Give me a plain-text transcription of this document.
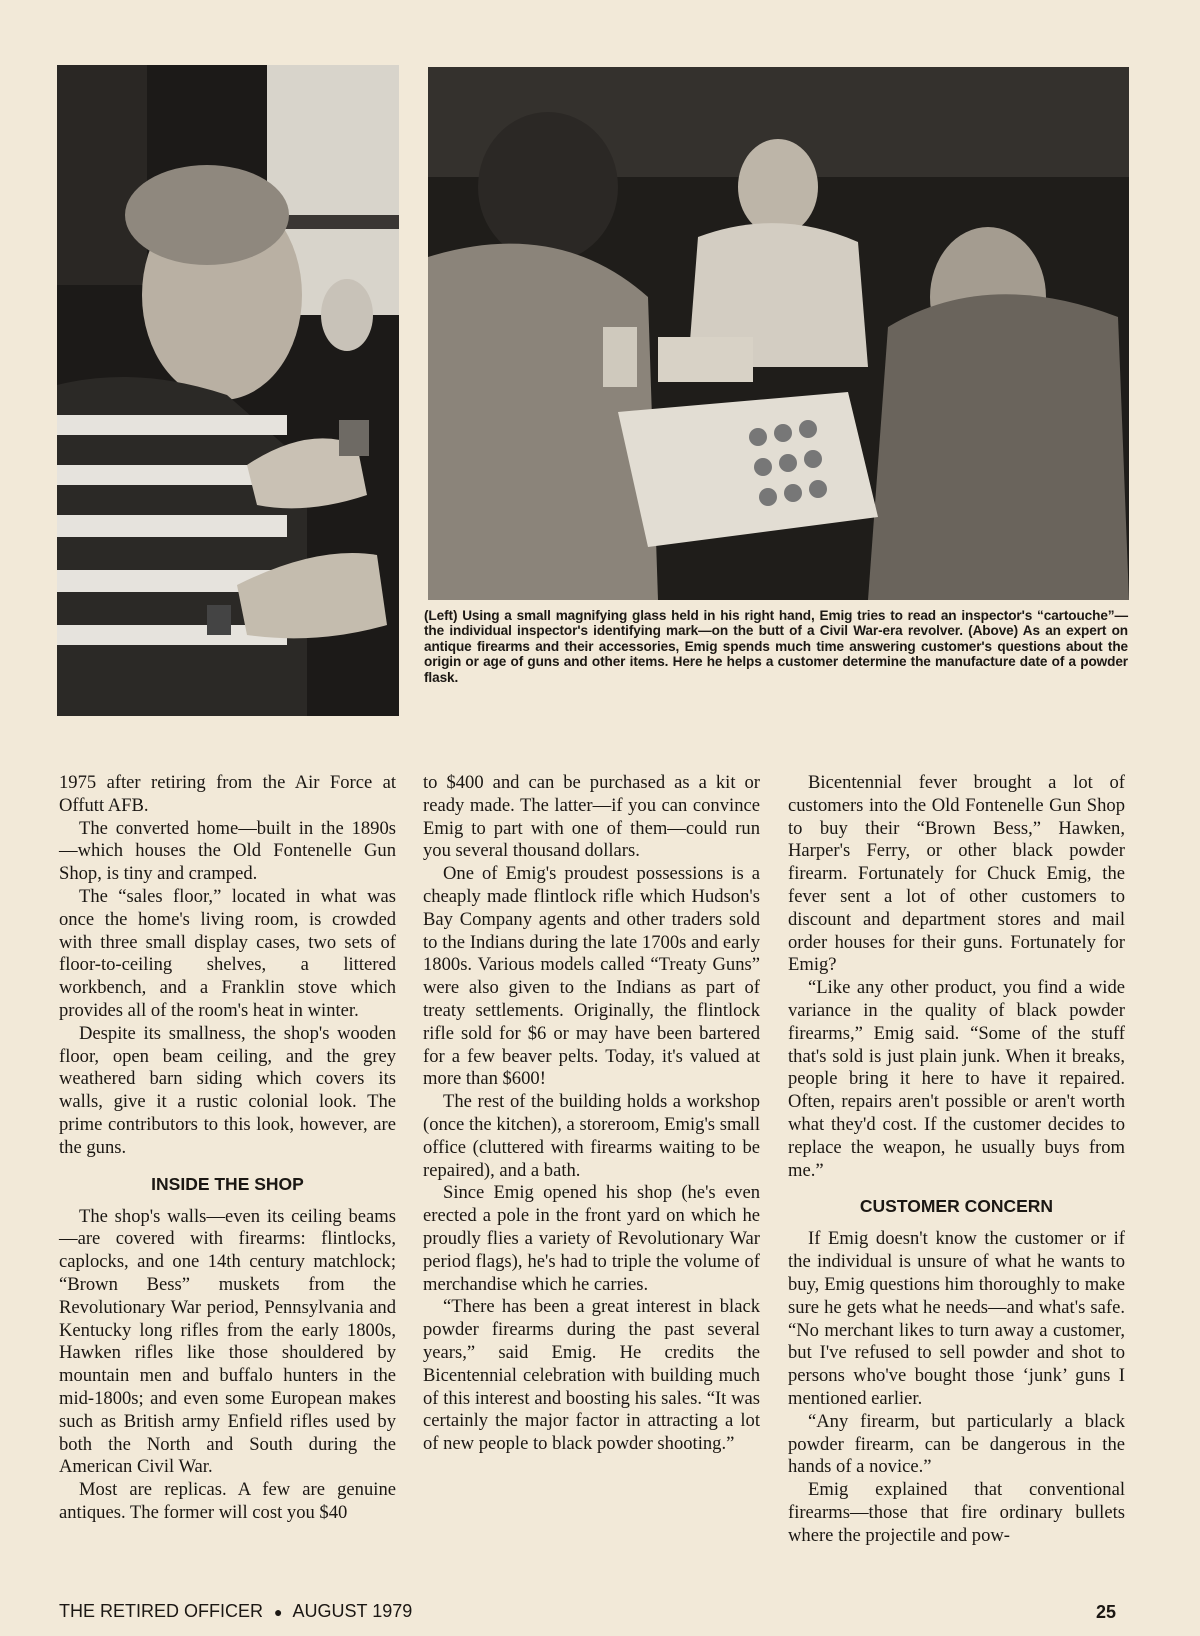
(Left) Using a small magnifying glass held in his right hand, Emig tries to read an inspector's “cartouche”—the individual inspector's identifying mark—on the butt of a Civil War-era revolver. (Above) As an expert on antique firearms and their accessories, Emig spends much time answering customer's questions about the origin or age of guns and other items. Here he helps a customer determine the manufacture date of a powder flask.

1975 after retiring from the Air Force at Offutt AFB.

The converted home—built in the 1890s—which houses the Old Fontenelle Gun Shop, is tiny and cramped.

The “sales floor,” located in what was once the home's living room, is crowded with three small display cases, two sets of floor-to-ceiling shelves, a littered workbench, and a Franklin stove which provides all of the room's heat in winter.

Despite its smallness, the shop's wooden floor, open beam ceiling, and the grey weathered barn siding which covers its walls, give it a rustic colonial look. The prime contributors to this look, however, are the guns.

INSIDE THE SHOP

The shop's walls—even its ceiling beams—are covered with firearms: flintlocks, caplocks, and one 14th century matchlock; “Brown Bess” muskets from the Revolutionary War period, Pennsylvania and Kentucky long rifles from the early 1800s, Hawken rifles like those shouldered by mountain men and buffalo hunters in the mid-1800s; and even some European makes such as British army Enfield rifles used by both the North and South during the American Civil War.

Most are replicas. A few are genuine antiques. The former will cost you $40

to $400 and can be purchased as a kit or ready made. The latter—if you can convince Emig to part with one of them—could run you several thousand dollars.

One of Emig's proudest possessions is a cheaply made flintlock rifle which Hudson's Bay Company agents and other traders sold to the Indians during the late 1700s and early 1800s. Various models called “Treaty Guns” were also given to the Indians as part of treaty settlements. Originally, the flintlock rifle sold for $6 or may have been bartered for a few beaver pelts. Today, it's valued at more than $600!

The rest of the building holds a workshop (once the kitchen), a storeroom, Emig's small office (cluttered with firearms waiting to be repaired), and a bath.

Since Emig opened his shop (he's even erected a pole in the front yard on which he proudly flies a variety of Revolutionary War period flags), he's had to triple the volume of merchandise which he carries.

“There has been a great interest in black powder firearms during the past several years,” said Emig. He credits the Bicentennial celebration with building much of this interest and boosting his sales. “It was certainly the major factor in attracting a lot of new people to black powder shooting.”

Bicentennial fever brought a lot of customers into the Old Fontenelle Gun Shop to buy their “Brown Bess,” Hawken, Harper's Ferry, or other black powder firearm. Fortunately for Chuck Emig, the fever sent a lot of other customers to discount and department stores and mail order houses for their guns. Fortunately for Emig?

“Like any other product, you find a wide variance in the quality of black powder firearms,” Emig said. “Some of the stuff that's sold is just plain junk. When it breaks, people bring it here to have it repaired. Often, repairs aren't possible or aren't worth what they'd cost. If the customer decides to replace the weapon, he usually buys from me.”

CUSTOMER CONCERN

If Emig doesn't know the customer or if the individual is unsure of what he wants to buy, Emig questions him thoroughly to make sure he gets what he needs—and what's safe. “No merchant likes to turn away a customer, but I've refused to sell powder and shot to persons who've bought those ‘junk’ guns I mentioned earlier.

“Any firearm, but particularly a black powder firearm, can be dangerous in the hands of a novice.”

Emig explained that conventional firearms—those that fire ordinary bullets where the projectile and pow-

THE RETIRED OFFICER ● AUGUST 1979	25
